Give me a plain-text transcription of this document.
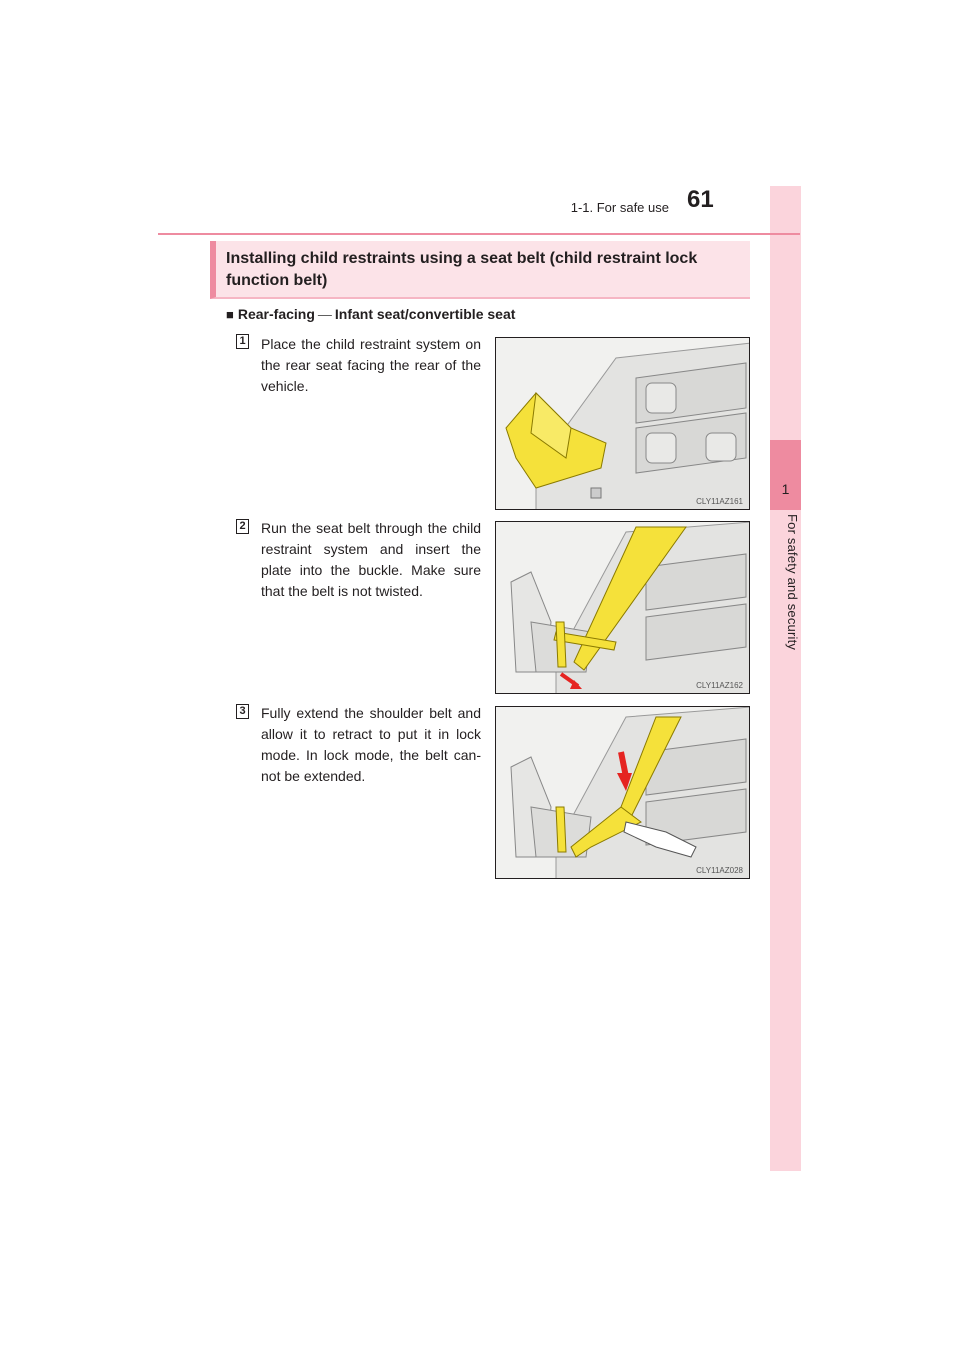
1
For safety and security
1-1. For safe use 61
Installing child restraints using a seat belt (child restraint lock function belt)
■ Rear-facing — Infant seat/convertible seat
1 Place the child restraint system on the rear seat facing the rear of the vehicle.
CLY11AZ161
2 Run the seat belt through the child restraint system and insert the plate into the buckle. Make sure that the belt is not twisted.
CLY11AZ162
3 Fully extend the shoulder belt and allow it to retract to put it in lock mode. In lock mode, the belt can-not be extended.
CLY11AZ028
